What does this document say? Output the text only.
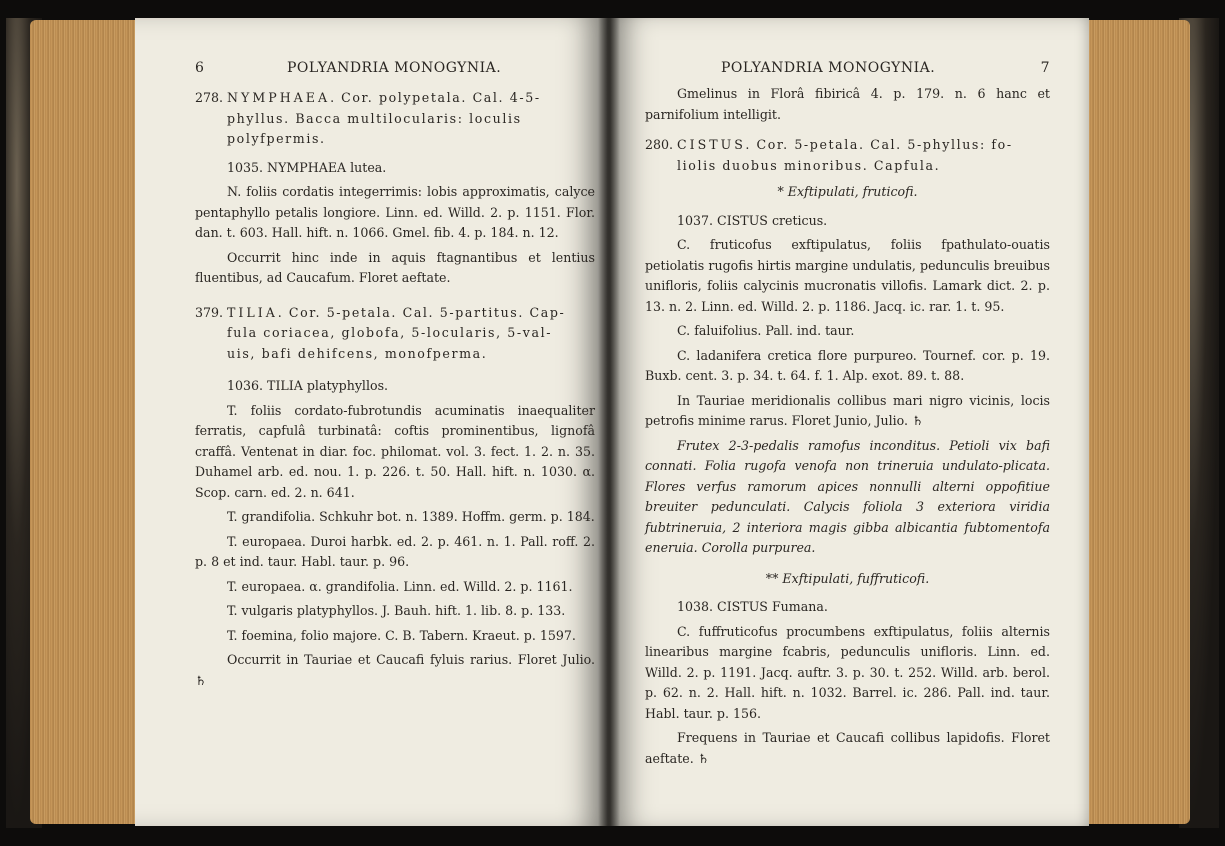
6	POLYANDRIA MONOGYNIA.

278. NYMPHAEA. Cor. polypetala. Cal. 4-5-

phyllus. Bacca multilocularis: loculis

polyfpermis.

1035. NYMPHAEA lutea.

N. foliis cordatis integerrimis: lobis approximatis, calyce pentaphyllo petalis longiore. Linn. ed. Willd. 2. p. 1151. Flor. dan. t. 603. Hall. hift. n. 1066. Gmel. fib. 4. p. 184. n. 12.

Occurrit hinc inde in aquis ftagnantibus et lentius fluentibus, ad Caucafum. Floret aeftate.

379. TILIA. Cor. 5-petala. Cal. 5-partitus. Cap-

fula coriacea, globofa, 5-locularis, 5-val-

uis, bafi dehifcens, monofperma.

1036. TILIA platyphyllos.

T. foliis cordato-fubrotundis acuminatis inaequaliter ferratis, capfulâ turbinatâ: coftis prominentibus, lignofâ craffâ. Ventenat in diar. foc. philomat. vol. 3. fect. 1. 2. n. 35. Duhamel arb. ed. nou. 1. p. 226. t. 50. Hall. hift. n. 1030. α. Scop. carn. ed. 2. n. 641.

T. grandifolia. Schkuhr bot. n. 1389. Hoffm. germ. p. 184.

T. europaea. Duroi harbk. ed. 2. p. 461. n. 1. Pall. roff. 2. p. 8 et ind. taur. Habl. taur. p. 96.

T. europaea. α. grandifolia. Linn. ed. Willd. 2. p. 1161.

T. vulgaris platyphyllos. J. Bauh. hift. 1. lib. 8. p. 133.

T. foemina, folio majore. C. B. Tabern. Kraeut. p. 1597.

Occurrit in Tauriae et Caucafi fyluis rarius. Floret Julio. ♄

POLYANDRIA MONOGYNIA.	7

Gmelinus in Florâ fibiricâ 4. p. 179. n. 6 hanc et parnifolium intelligit.

280. CISTUS. Cor. 5-petala. Cal. 5-phyllus: fo-

liolis duobus minoribus. Capfula.

* Exftipulati, fruticofi.

1037. CISTUS creticus.

C. fruticofus exftipulatus, foliis fpathulato-ouatis petiolatis rugofis hirtis margine undulatis, pedunculis breuibus unifloris, foliis calycinis mucronatis villofis. Lamark dict. 2. p. 13. n. 2. Linn. ed. Willd. 2. p. 1186. Jacq. ic. rar. 1. t. 95.

C. faluifolius. Pall. ind. taur.

C. ladanifera cretica flore purpureo. Tournef. cor. p. 19. Buxb. cent. 3. p. 34. t. 64. f. 1. Alp. exot. 89. t. 88.

In Tauriae meridionalis collibus mari nigro vicinis, locis petrofis minime rarus. Floret Junio, Julio. ♄

Frutex 2-3-pedalis ramofus inconditus. Petioli vix bafi connati. Folia rugofa venofa non trineruia undulato-plicata. Flores verfus ramorum apices nonnulli alterni oppofitiue breuiter pedunculati. Calycis foliola 3 exteriora viridia fubtrineruia, 2 interiora magis gibba albicantia fubtomentofa eneruia. Corolla purpurea.

** Exftipulati, fuffruticofi.

1038. CISTUS Fumana.

C. fuffruticofus procumbens exftipulatus, foliis alternis linearibus margine fcabris, pedunculis unifloris. Linn. ed. Willd. 2. p. 1191. Jacq. auftr. 3. p. 30. t. 252. Willd. arb. berol. p. 62. n. 2. Hall. hift. n. 1032. Barrel. ic. 286. Pall. ind. taur. Habl. taur. p. 156.

Frequens in Tauriae et Caucafi collibus lapidofis. Floret aeftate. ♄
